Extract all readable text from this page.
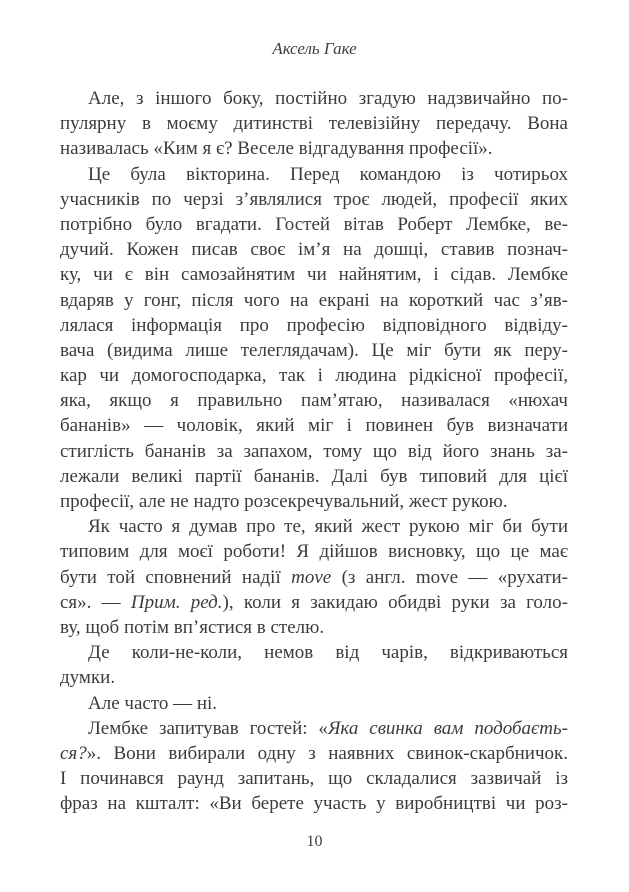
Аксель Гаке
Але, з іншого боку, постійно згадую надзвичайно по-
пулярну в моєму дитинстві телевізійну передачу. Вона
називалась «Ким я є? Веселе відгадування професії».
Це була вікторина. Перед командою із чотирьох
учасників по черзі з’являлися троє людей, професії яких
потрібно було вгадати. Гостей вітав Роберт Лембке, ве-
дучий. Кожен писав своє ім’я на дошці, ставив познач-
ку, чи є він самозайнятим чи найнятим, і сідав. Лембке
вдаряв у гонг, після чого на екрані на короткий час з’яв-
лялася інформація про професію відповідного відвіду-
вача (видима лише телеглядачам). Це міг бути як перу-
кар чи домогосподарка, так і людина рідкісної професії,
яка, якщо я правильно пам’ятаю, називалася «нюхач
бананів» — чоловік, який міг і повинен був визначати
стиглість бананів за запахом, тому що від його знань за-
лежали великі партії бананів. Далі був типовий для цієї
професії, але не надто розсекречувальний, жест рукою.
Як часто я думав про те, який жест рукою міг би бути
типовим для моєї роботи! Я дійшов висновку, що це має
бути той сповнений надії move (з англ. move — «рухати-
ся». — Прим. ред.), коли я закидаю обидві руки за голо-
ву, щоб потім вп’ястися в стелю.
Де коли-не-коли, немов від чарів, відкриваються
думки.
Але часто — ні.
Лембке запитував гостей: «Яка свинка вам подобаєть-
ся?». Вони вибирали одну з наявних свинок-скарбничок.
І починався раунд запитань, що складалися зазвичай із
фраз на кшталт: «Ви берете участь у виробництві чи роз-
10
